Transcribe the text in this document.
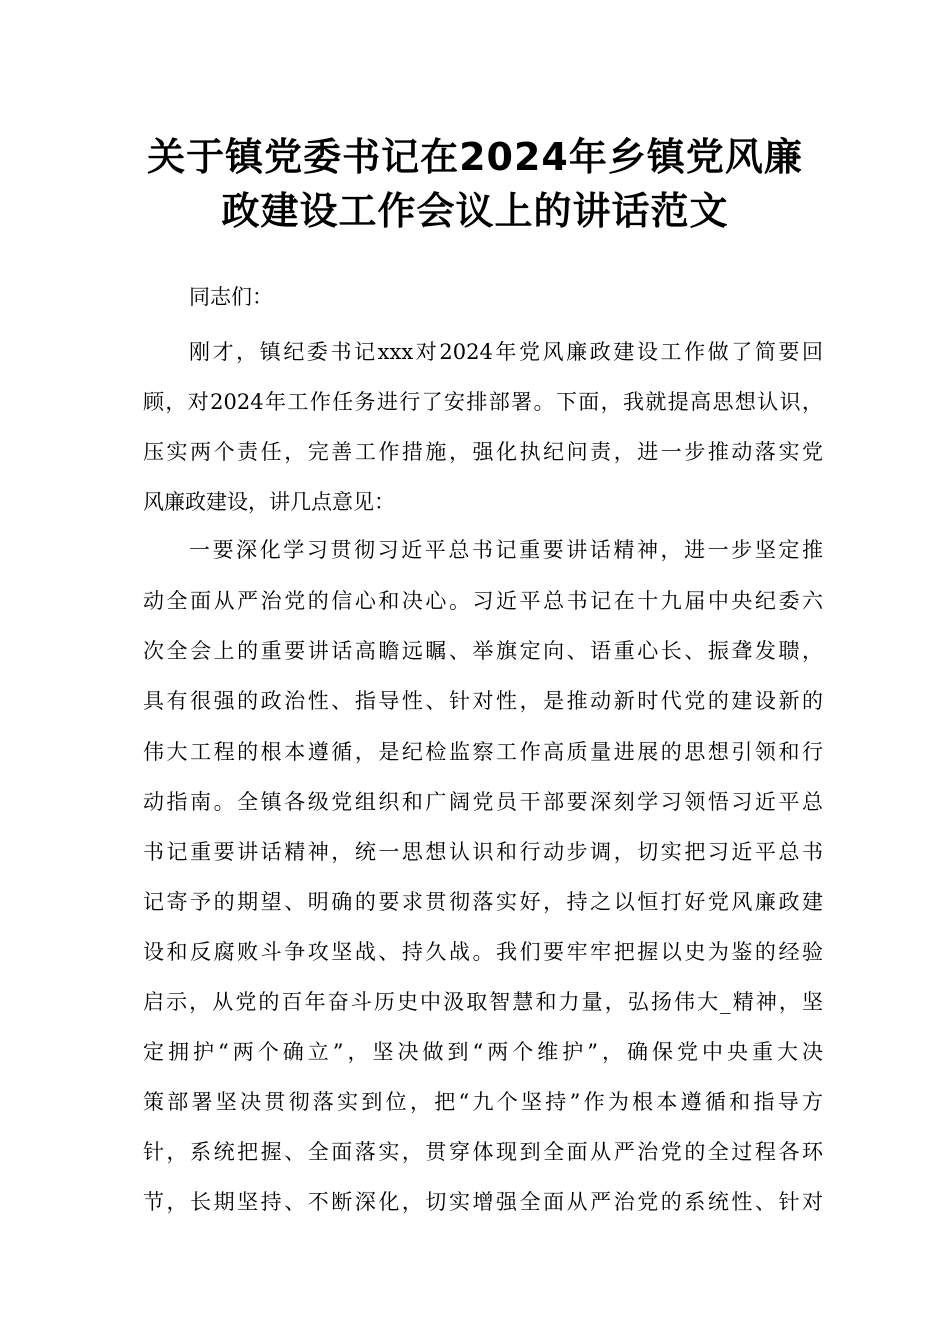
关于镇党委书记在2024年乡镇党风廉
政建设工作会议上的讲话范文
同志们：
刚才，镇纪委书记xxx对2024年党风廉政建设工作做了简要回
顾，对2024年工作任务进行了安排部署。下面，我就提高思想认识，
压实两个责任，完善工作措施，强化执纪问责，进一步推动落实党
风廉政建设，讲几点意见：
一要深化学习贯彻习近平总书记重要讲话精神，进一步坚定推
动全面从严治党的信心和决心。习近平总书记在十九届中央纪委六
次全会上的重要讲话高瞻远瞩、举旗定向、语重心长、振聋发聩，
具有很强的政治性、指导性、针对性，是推动新时代党的建设新的
伟大工程的根本遵循，是纪检监察工作高质量进展的思想引领和行
动指南。全镇各级党组织和广阔党员干部要深刻学习领悟习近平总
书记重要讲话精神，统一思想认识和行动步调，切实把习近平总书
记寄予的期望、明确的要求贯彻落实好，持之以恒打好党风廉政建
设和反腐败斗争攻坚战、持久战。我们要牢牢把握以史为鉴的经验
启示，从党的百年奋斗历史中汲取智慧和力量，弘扬伟大_精神，坚
定拥护“两个确立”，坚决做到“两个维护”，确保党中央重大决
策部署坚决贯彻落实到位，把“九个坚持”作为根本遵循和指导方
针，系统把握、全面落实，贯穿体现到全面从严治党的全过程各环
节，长期坚持、不断深化，切实增强全面从严治党的系统性、针对
